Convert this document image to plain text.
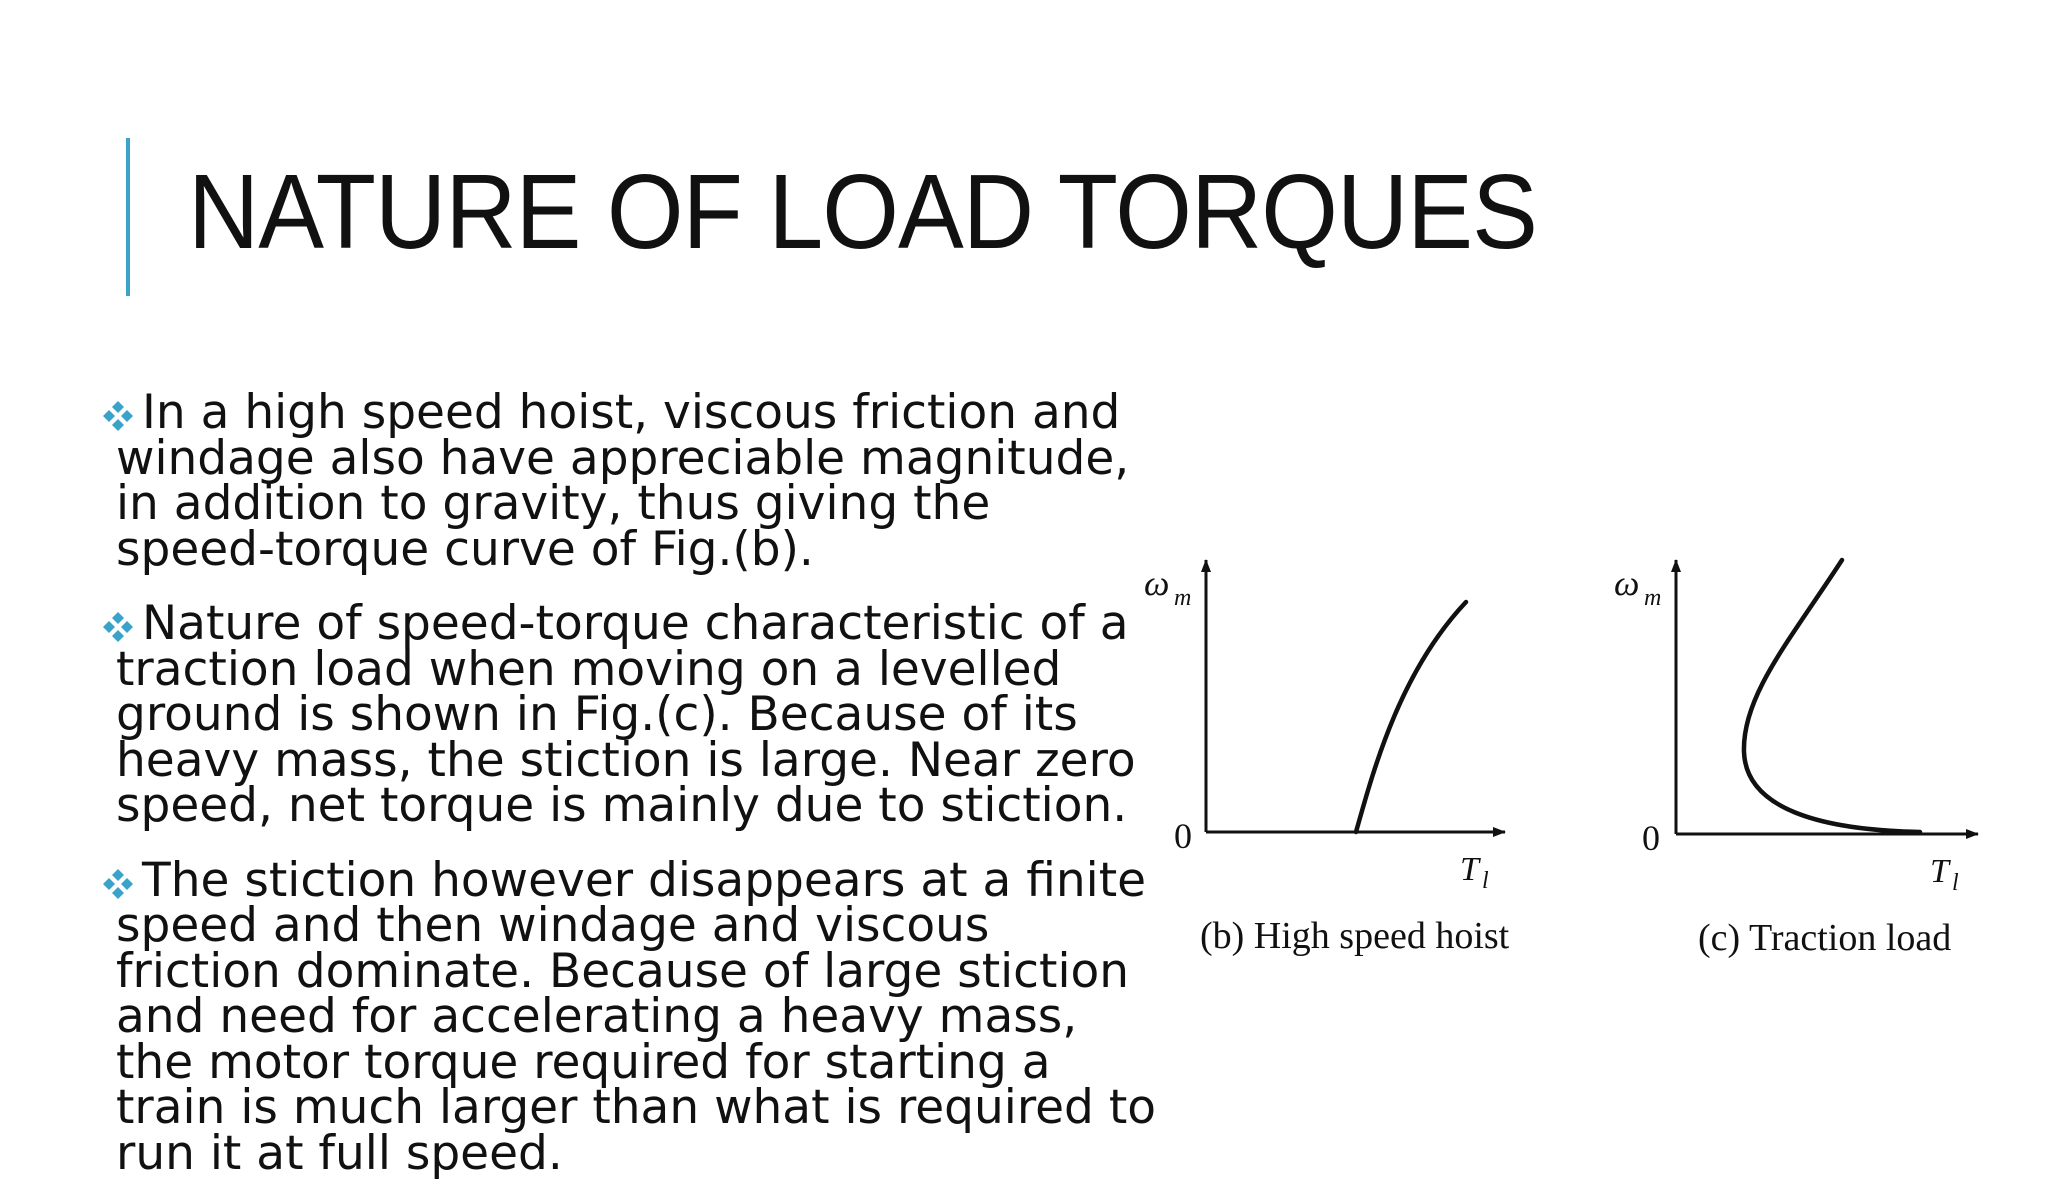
NATURE OF LOAD TORQUES
In a high speed hoist, viscous friction and windage also have appreciable magnitude, in addition to gravity, thus giving the speed-torque curve of Fig.(b).
Nature of speed-torque characteristic of a traction load when moving on a levelled ground is shown in Fig.(c). Because of its heavy mass, the stiction is large. Near zero speed, net torque is mainly due to stiction.
The stiction however disappears at a finite speed and then windage and viscous friction dominate. Because of large stiction and need for accelerating a heavy mass, the motor torque required for starting a train is much larger than what is required to run it at full speed.
ω m
0
T l
(b) High speed hoist
ω m
0
T l
(c) Traction load
